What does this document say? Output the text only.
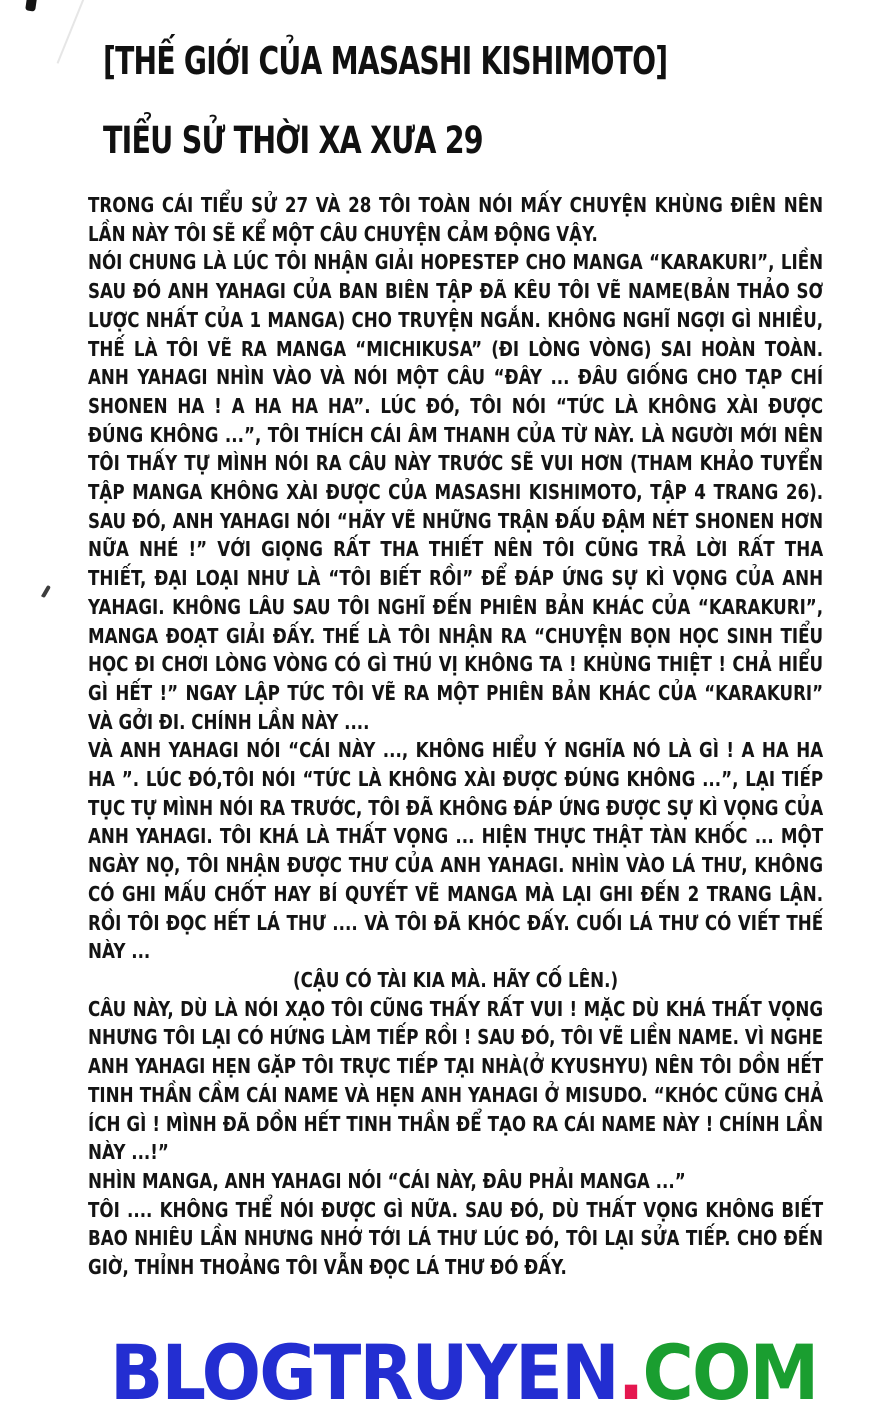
[THẾ GIỚI CỦA MASASHI KISHIMOTO]
TIỂU SỬ THỜI XA XƯA 29

TRONG CÁI TIỂU SỬ 27 VÀ 28 TÔI TOÀN NÓI MẤY CHUYỆN KHÙNG ĐIÊN NÊN LẦN NÀY TÔI SẼ KỂ MỘT CÂU CHUYỆN CẢM ĐỘNG VẬY.

NÓI CHUNG LÀ LÚC TÔI NHẬN GIẢI HOPESTEP CHO MANGA “KARAKURI”, LIỀN SAU ĐÓ ANH YAHAGI CỦA BAN BIÊN TẬP ĐÃ KÊU TÔI VẼ NAME(BẢN THẢO SƠ LƯỢC NHẤT CỦA 1 MANGA) CHO TRUYỆN NGẮN. KHÔNG NGHĨ NGỢI GÌ NHIỀU, THẾ LÀ TÔI VẼ RA MANGA “MICHIKUSA” (ĐI LÒNG VÒNG) SAI HOÀN TOÀN. ANH YAHAGI NHÌN VÀO VÀ NÓI MỘT CÂU “ĐÂY ... ĐÂU GIỐNG CHO TẠP CHÍ SHONEN HA ! A HA HA HA”. LÚC ĐÓ, TÔI NÓI “TỨC LÀ KHÔNG XÀI ĐƯỢC ĐÚNG KHÔNG ...”, TÔI THÍCH CÁI ÂM THANH CỦA TỪ NÀY. LÀ NGƯỜI MỚI NÊN TÔI THẤY TỰ MÌNH NÓI RA CÂU NÀY TRƯỚC SẼ VUI HƠN (THAM KHẢO TUYỂN TẬP MANGA KHÔNG XÀI ĐƯỢC CỦA MASASHI KISHIMOTO, TẬP 4 TRANG 26). SAU ĐÓ, ANH YAHAGI NÓI “HÃY VẼ NHỮNG TRẬN ĐẤU ĐẬM NÉT SHONEN HƠN NỮA NHÉ !” VỚI GIỌNG RẤT THA THIẾT NÊN TÔI CŨNG TRẢ LỜI RẤT THA THIẾT, ĐẠI LOẠI NHƯ LÀ “TÔI BIẾT RỒI” ĐỂ ĐÁP ỨNG SỰ KÌ VỌNG CỦA ANH YAHAGI. KHÔNG LÂU SAU TÔI NGHĨ ĐẾN PHIÊN BẢN KHÁC CỦA “KARAKURI”, MANGA ĐOẠT GIẢI ĐẤY. THẾ LÀ TÔI NHẬN RA “CHUYỆN BỌN HỌC SINH TIỂU HỌC ĐI CHƠI LÒNG VÒNG CÓ GÌ THÚ VỊ KHÔNG TA ! KHÙNG THIỆT ! CHẢ HIỂU GÌ HẾT !” NGAY LẬP TỨC TÔI VẼ RA MỘT PHIÊN BẢN KHÁC CỦA “KARAKURI” VÀ GỞI ĐI. CHÍNH LẦN NÀY ....

VÀ ANH YAHAGI NÓI “CÁI NÀY ..., KHÔNG HIỂU Ý NGHĨA NÓ LÀ GÌ ! A HA HA HA ”. LÚC ĐÓ,TÔI NÓI “TỨC LÀ KHÔNG XÀI ĐƯỢC ĐÚNG KHÔNG ...”, LẠI TIẾP TỤC TỰ MÌNH NÓI RA TRƯỚC, TÔI ĐÃ KHÔNG ĐÁP ỨNG ĐƯỢC SỰ KÌ VỌNG CỦA ANH YAHAGI. TÔI KHÁ LÀ THẤT VỌNG ... HIỆN THỰC THẬT TÀN KHỐC ... MỘT NGÀY NỌ, TÔI NHẬN ĐƯỢC THƯ CỦA ANH YAHAGI. NHÌN VÀO LÁ THƯ, KHÔNG CÓ GHI MẤU CHỐT HAY BÍ QUYẾT VẼ MANGA MÀ LẠI GHI ĐẾN 2 TRANG LẬN. RỒI TÔI ĐỌC HẾT LÁ THƯ .... VÀ TÔI ĐÃ KHÓC ĐẤY. CUỐI LÁ THƯ CÓ VIẾT THẾ NÀY ...

(CẬU CÓ TÀI KIA MÀ. HÃY CỐ LÊN.)

CÂU NÀY, DÙ LÀ NÓI XẠO TÔI CŨNG THẤY RẤT VUI ! MẶC DÙ KHÁ THẤT VỌNG NHƯNG TÔI LẠI CÓ HỨNG LÀM TIẾP RỒI ! SAU ĐÓ, TÔI VẼ LIỀN NAME. VÌ NGHE ANH YAHAGI HẸN GẶP TÔI TRỰC TIẾP TẠI NHÀ(Ở KYUSHYU) NÊN TÔI DỒN HẾT TINH THẦN CẦM CÁI NAME VÀ HẸN ANH YAHAGI Ở MISUDO. “KHÓC CŨNG CHẢ ÍCH GÌ ! MÌNH ĐÃ DỒN HẾT TINH THẦN ĐỂ TẠO RA CÁI NAME NÀY ! CHÍNH LẦN NÀY ...!”

NHÌN MANGA, ANH YAHAGI NÓI “CÁI NÀY, ĐÂU PHẢI MANGA ...”

TÔI .... KHÔNG THỂ NÓI ĐƯỢC GÌ NỮA. SAU ĐÓ, DÙ THẤT VỌNG KHÔNG BIẾT BAO NHIÊU LẦN NHƯNG NHỚ TỚI LÁ THƯ LÚC ĐÓ, TÔI LẠI SỬA TIẾP. CHO ĐẾN GIỜ, THỈNH THOẢNG TÔI VẪN ĐỌC LÁ THƯ ĐÓ ĐẤY.

BLOGTRUYEN.COM
